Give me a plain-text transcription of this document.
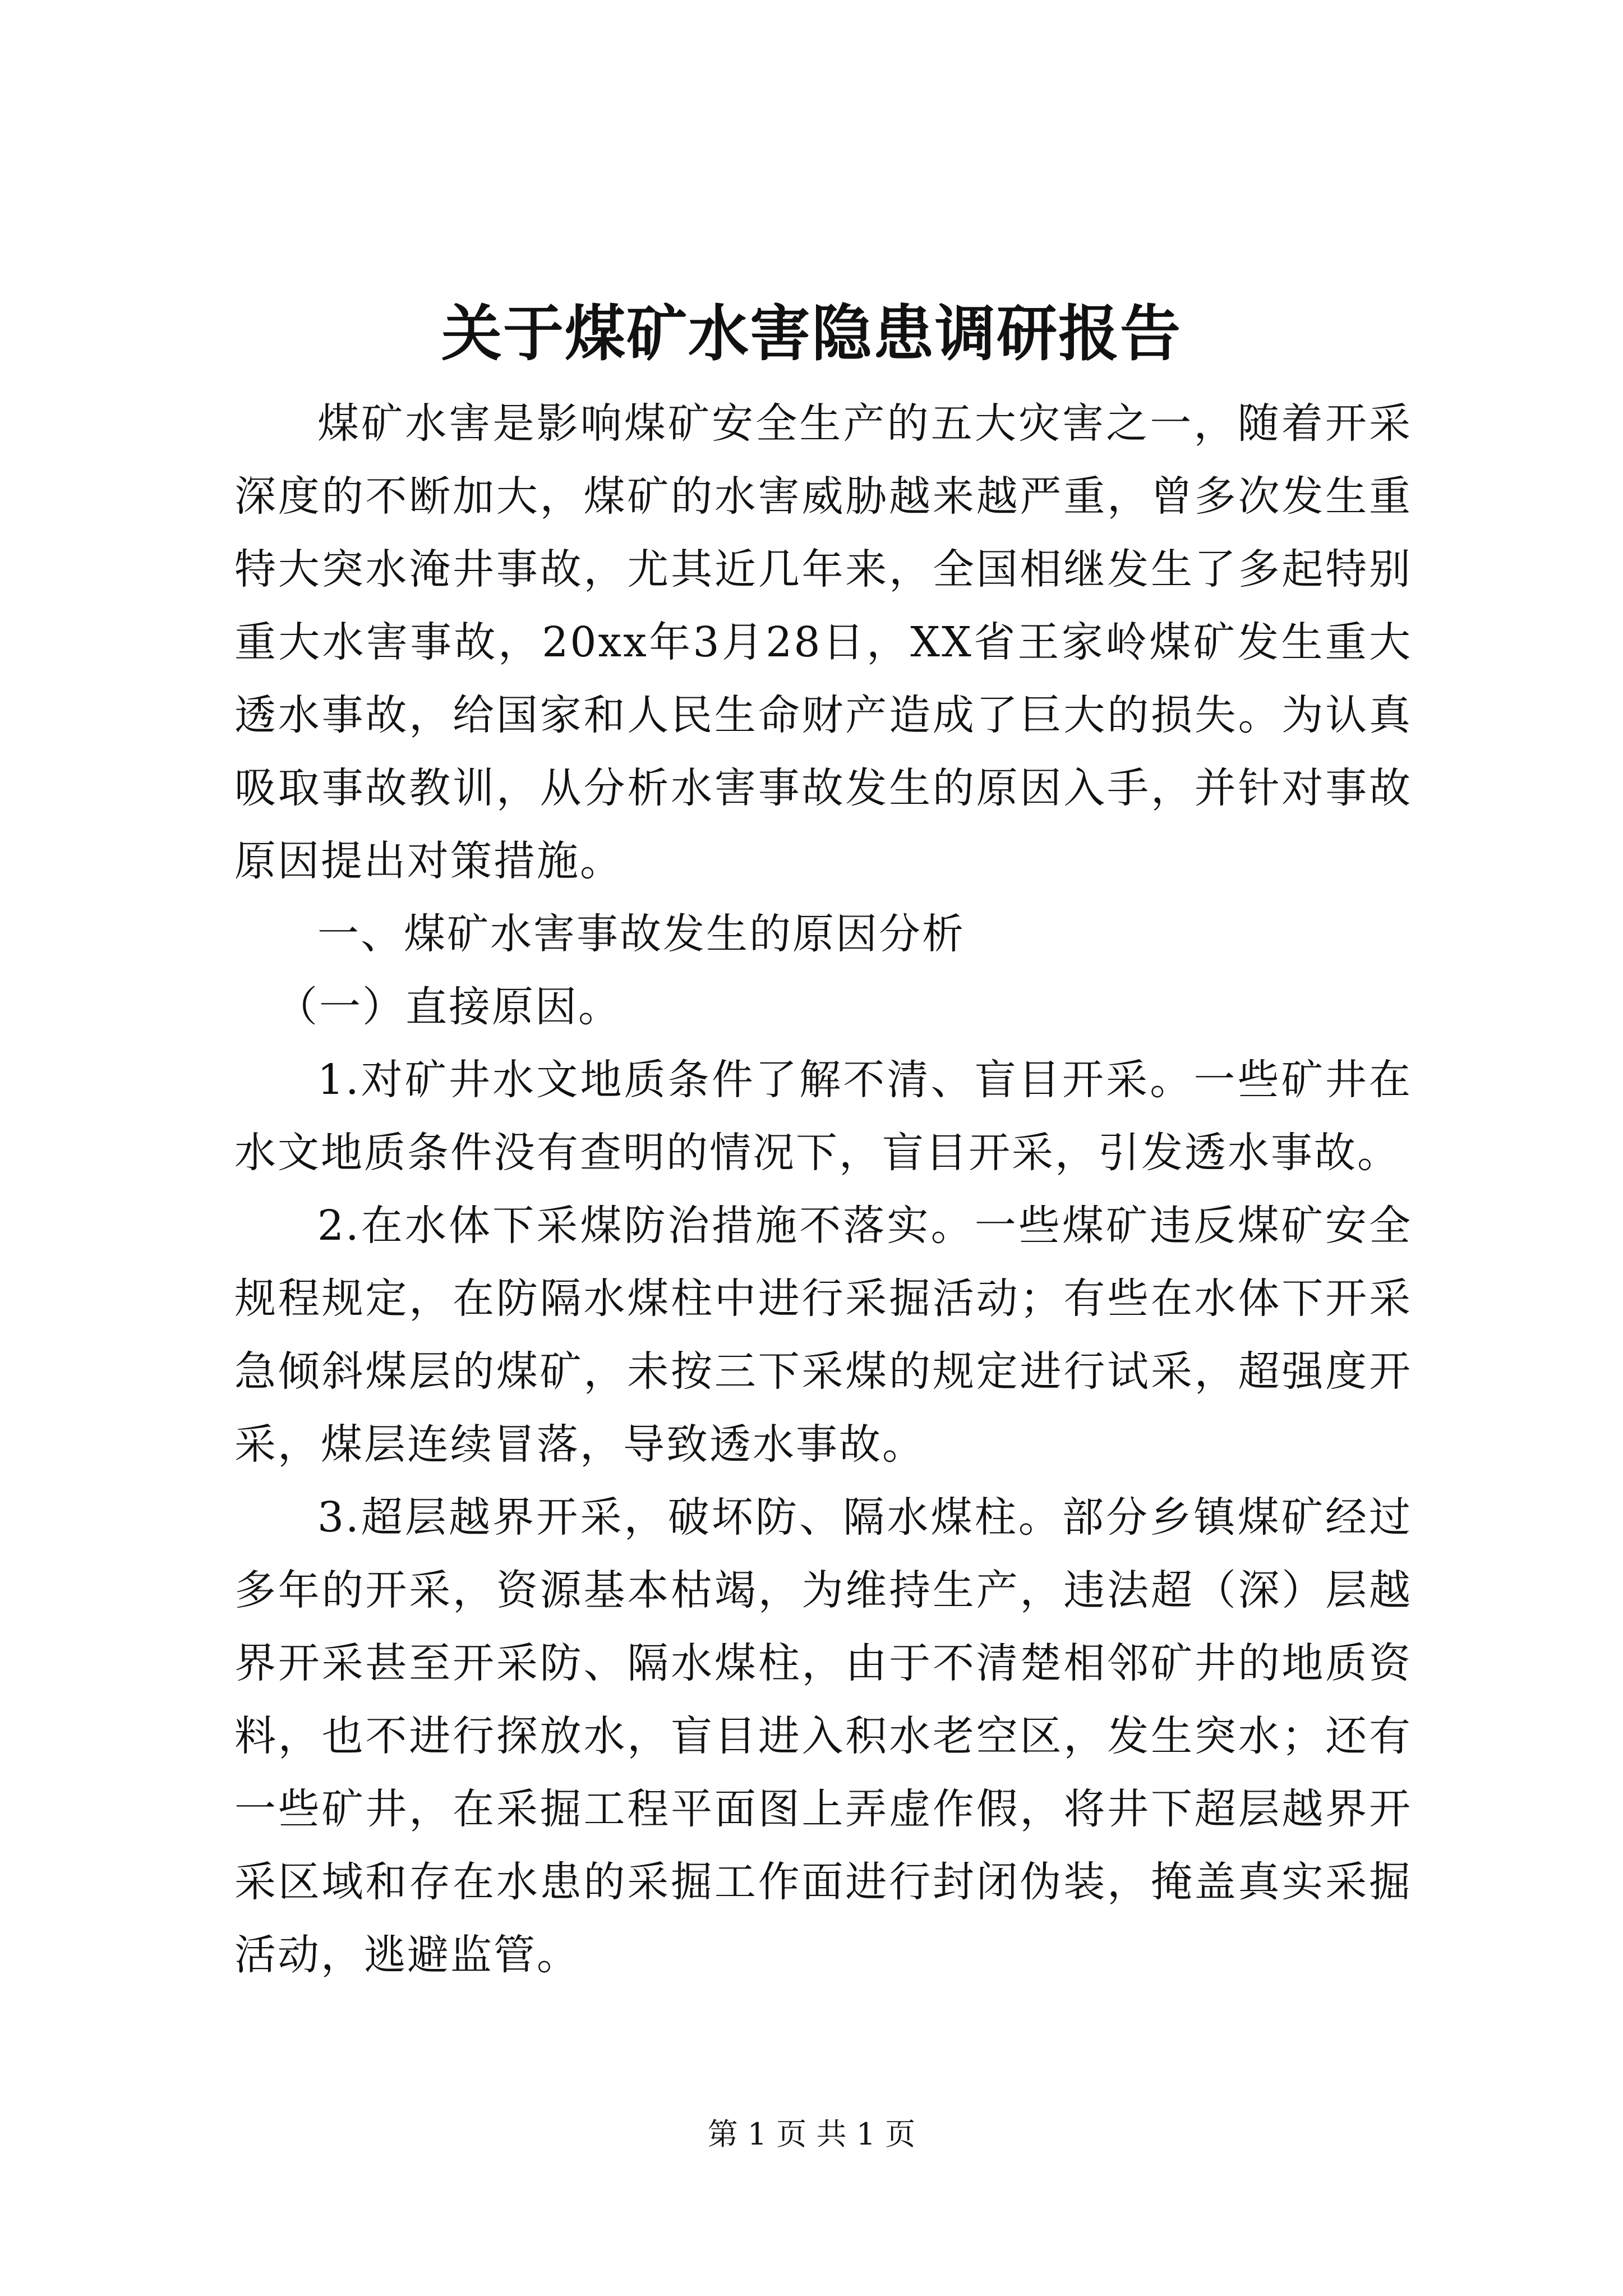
关于煤矿水害隐患调研报告

煤矿水害是影响煤矿安全生产的五大灾害之一，随着开采深度的不断加大，煤矿的水害威胁越来越严重，曾多次发生重特大突水淹井事故，尤其近几年来，全国相继发生了多起特别重大水害事故，20xx年3月28日，XX省王家岭煤矿发生重大透水事故，给国家和人民生命财产造成了巨大的损失。为认真吸取事故教训，从分析水害事故发生的原因入手，并针对事故原因提出对策措施。

一、煤矿水害事故发生的原因分析

（一）直接原因。

1.对矿井水文地质条件了解不清、盲目开采。一些矿井在水文地质条件没有查明的情况下，盲目开采，引发透水事故。

2.在水体下采煤防治措施不落实。一些煤矿违反煤矿安全规程规定，在防隔水煤柱中进行采掘活动；有些在水体下开采急倾斜煤层的煤矿，未按三下采煤的规定进行试采，超强度开采，煤层连续冒落，导致透水事故。

3.超层越界开采，破坏防、隔水煤柱。部分乡镇煤矿经过多年的开采，资源基本枯竭，为维持生产，违法超（深）层越界开采甚至开采防、隔水煤柱，由于不清楚相邻矿井的地质资料，也不进行探放水，盲目进入积水老空区，发生突水；还有一些矿井，在采掘工程平面图上弄虚作假，将井下超层越界开采区域和存在水患的采掘工作面进行封闭伪装，掩盖真实采掘活动，逃避监管。

第 1 页 共 1 页
